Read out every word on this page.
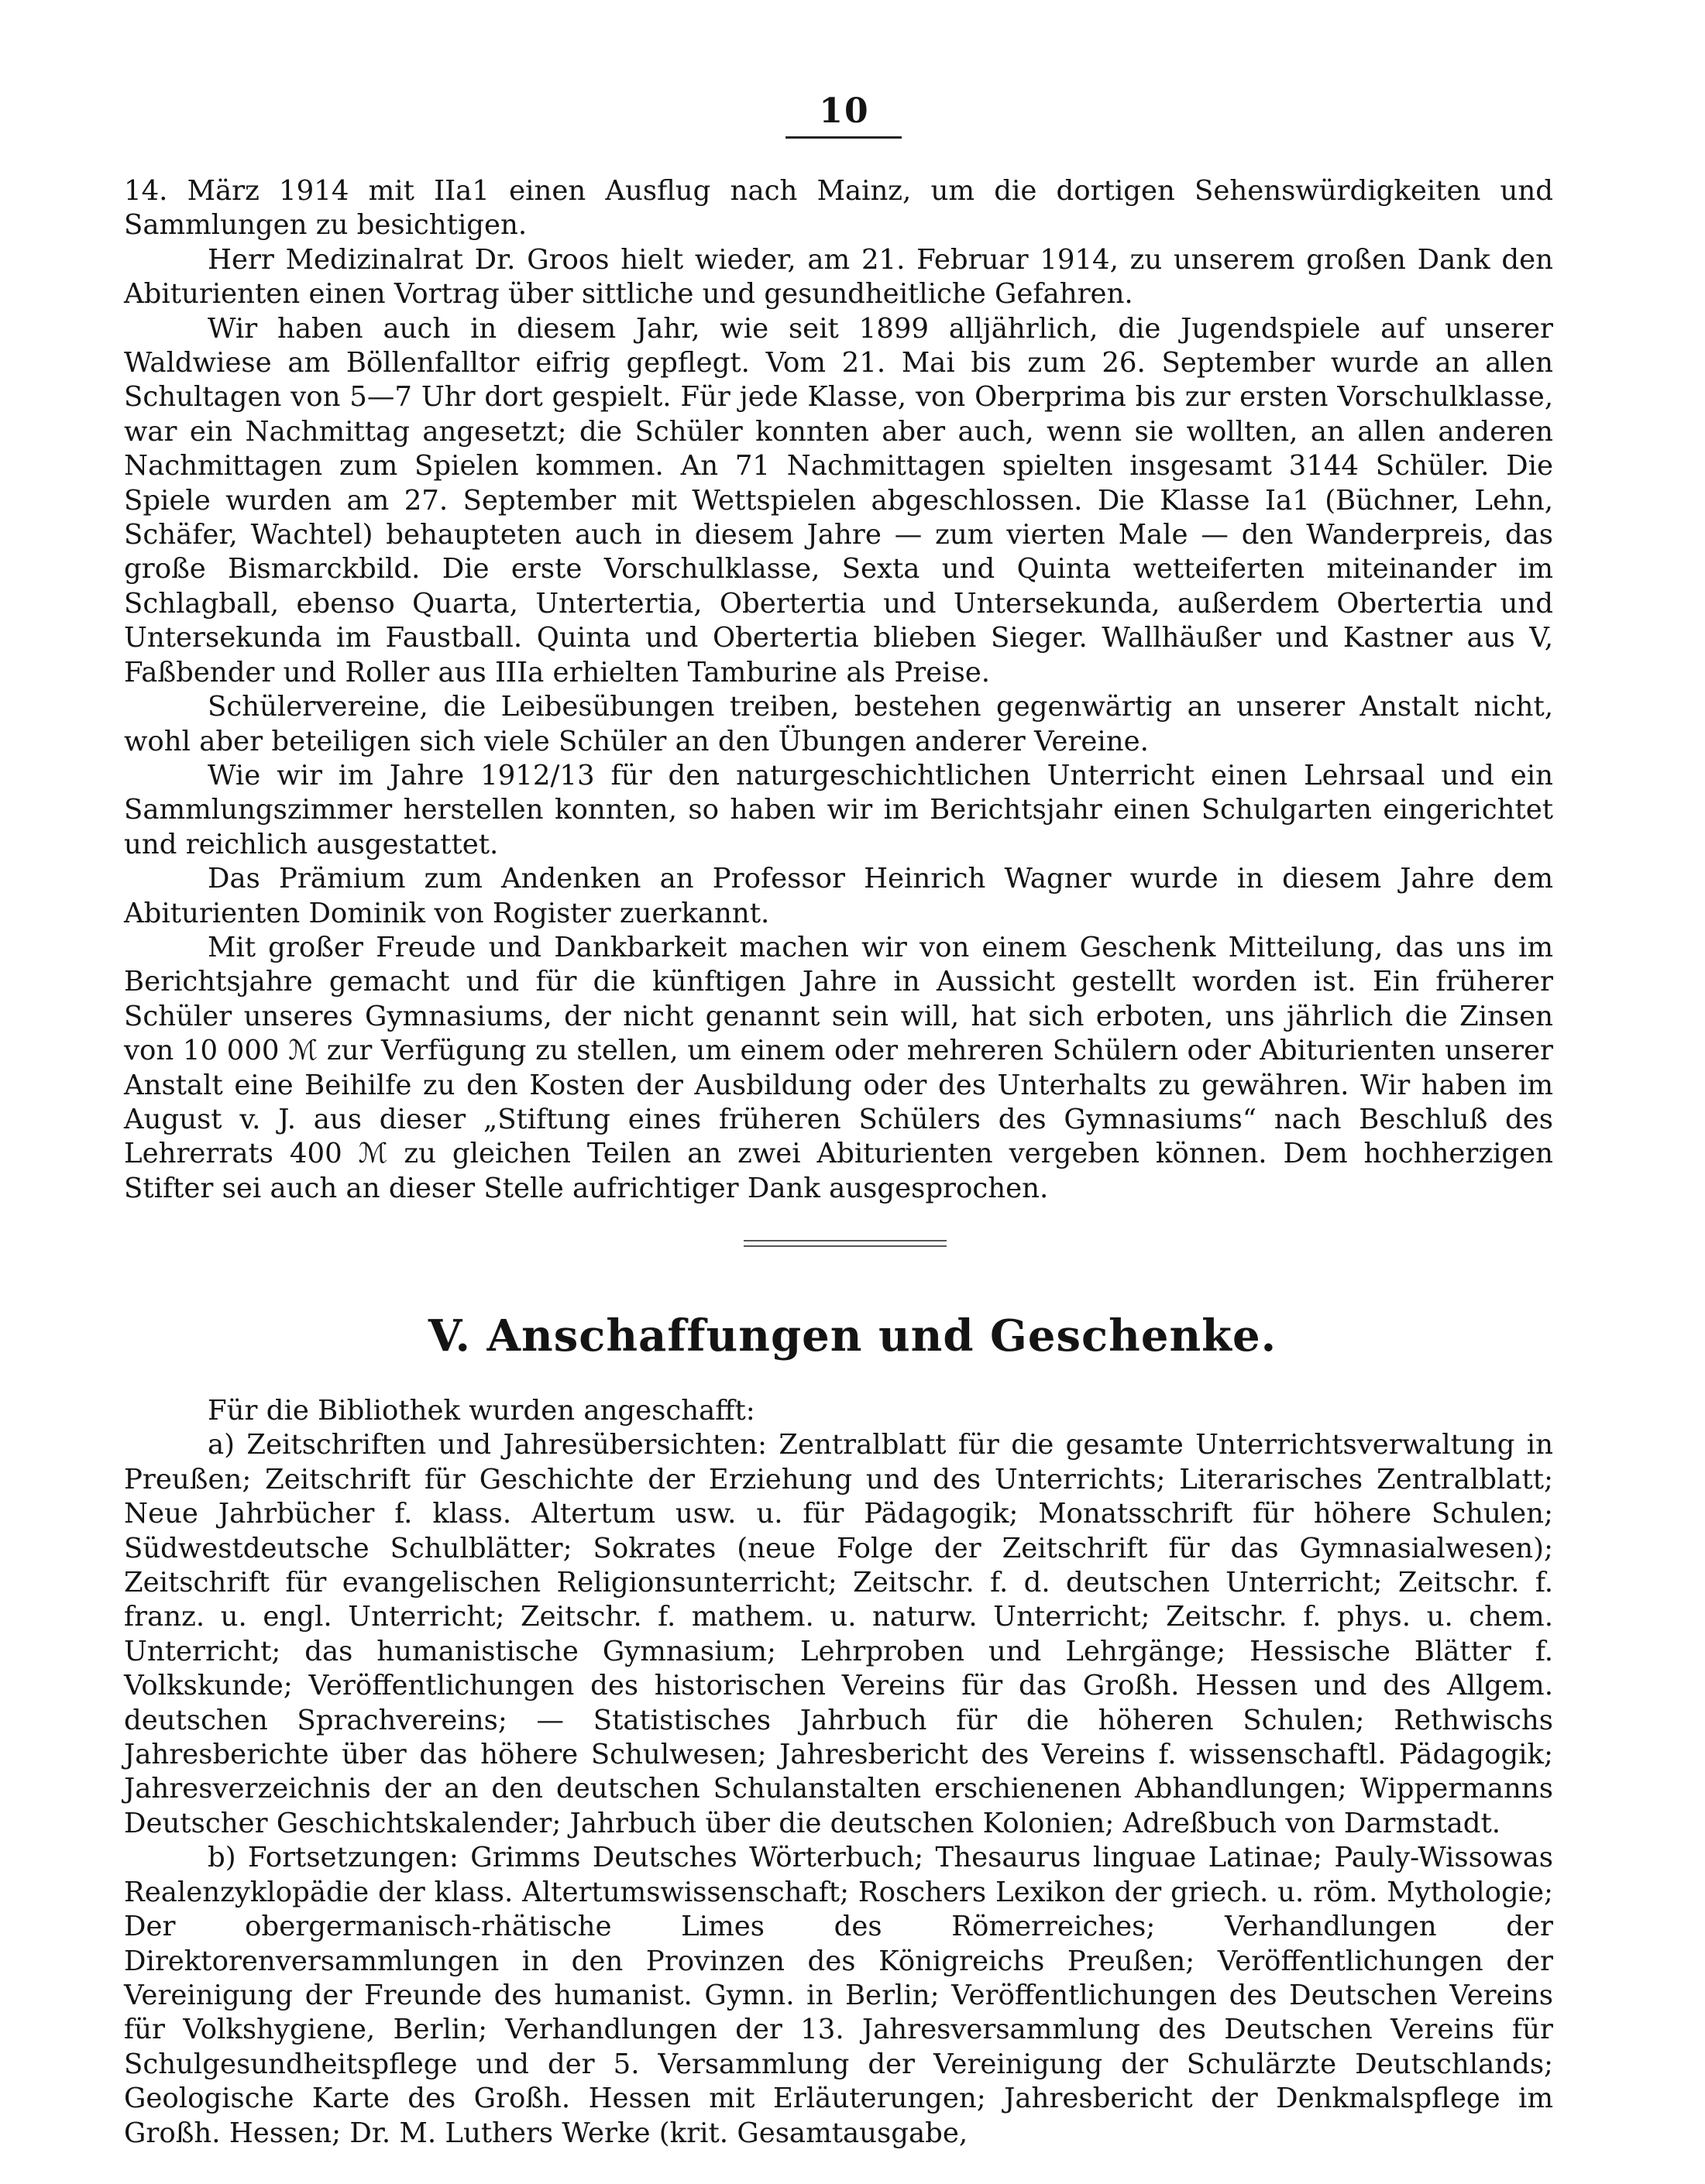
10

14. März 1914 mit IIa1 einen Ausflug nach Mainz, um die dortigen Sehenswürdigkeiten und Sammlungen zu besichtigen.

Herr Medizinalrat Dr. Groos hielt wieder, am 21. Februar 1914, zu unserem großen Dank den Abiturienten einen Vortrag über sittliche und gesundheitliche Gefahren.

Wir haben auch in diesem Jahr, wie seit 1899 alljährlich, die Jugendspiele auf unserer Waldwiese am Böllenfalltor eifrig gepflegt. Vom 21. Mai bis zum 26. September wurde an allen Schultagen von 5—7 Uhr dort gespielt. Für jede Klasse, von Oberprima bis zur ersten Vorschulklasse, war ein Nachmittag angesetzt; die Schüler konnten aber auch, wenn sie wollten, an allen anderen Nachmittagen zum Spielen kommen. An 71 Nachmittagen spielten insgesamt 3144 Schüler. Die Spiele wurden am 27. September mit Wettspielen abgeschlossen. Die Klasse Ia1 (Büchner, Lehn, Schäfer, Wachtel) behaupteten auch in diesem Jahre — zum vierten Male — den Wanderpreis, das große Bismarckbild. Die erste Vorschulklasse, Sexta und Quinta wetteiferten miteinander im Schlagball, ebenso Quarta, Untertertia, Obertertia und Untersekunda, außerdem Obertertia und Untersekunda im Faustball. Quinta und Obertertia blieben Sieger. Wallhäußer und Kastner aus V, Faßbender und Roller aus IIIa erhielten Tamburine als Preise.

Schülervereine, die Leibesübungen treiben, bestehen gegenwärtig an unserer Anstalt nicht, wohl aber beteiligen sich viele Schüler an den Übungen anderer Vereine.

Wie wir im Jahre 1912/13 für den naturgeschichtlichen Unterricht einen Lehrsaal und ein Sammlungszimmer herstellen konnten, so haben wir im Berichtsjahr einen Schulgarten eingerichtet und reichlich ausgestattet.

Das Prämium zum Andenken an Professor Heinrich Wagner wurde in diesem Jahre dem Abiturienten Dominik von Rogister zuerkannt.

Mit großer Freude und Dankbarkeit machen wir von einem Geschenk Mitteilung, das uns im Berichtsjahre gemacht und für die künftigen Jahre in Aussicht gestellt worden ist. Ein früherer Schüler unseres Gymnasiums, der nicht genannt sein will, hat sich erboten, uns jährlich die Zinsen von 10 000 ℳ zur Verfügung zu stellen, um einem oder mehreren Schülern oder Abiturienten unserer Anstalt eine Beihilfe zu den Kosten der Ausbildung oder des Unterhalts zu gewähren. Wir haben im August v. J. aus dieser „Stiftung eines früheren Schülers des Gymnasiums“ nach Beschluß des Lehrerrats 400 ℳ zu gleichen Teilen an zwei Abiturienten vergeben können. Dem hochherzigen Stifter sei auch an dieser Stelle aufrichtiger Dank ausgesprochen.

V. Anschaffungen und Geschenke.

Für die Bibliothek wurden angeschafft:

a) Zeitschriften und Jahresübersichten: Zentralblatt für die gesamte Unterrichtsverwaltung in Preußen; Zeitschrift für Geschichte der Erziehung und des Unterrichts; Literarisches Zentralblatt; Neue Jahrbücher f. klass. Altertum usw. u. für Pädagogik; Monatsschrift für höhere Schulen; Südwestdeutsche Schulblätter; Sokrates (neue Folge der Zeitschrift für das Gymnasialwesen); Zeitschrift für evangelischen Religionsunterricht; Zeitschr. f. d. deutschen Unterricht; Zeitschr. f. franz. u. engl. Unterricht; Zeitschr. f. mathem. u. naturw. Unterricht; Zeitschr. f. phys. u. chem. Unterricht; das humanistische Gymnasium; Lehrproben und Lehrgänge; Hessische Blätter f. Volkskunde; Veröffentlichungen des historischen Vereins für das Großh. Hessen und des Allgem. deutschen Sprachvereins; — Statistisches Jahrbuch für die höheren Schulen; Rethwischs Jahresberichte über das höhere Schulwesen; Jahresbericht des Vereins f. wissenschaftl. Pädagogik; Jahresverzeichnis der an den deutschen Schulanstalten erschienenen Abhandlungen; Wippermanns Deutscher Geschichtskalender; Jahrbuch über die deutschen Kolonien; Adreßbuch von Darmstadt.

b) Fortsetzungen: Grimms Deutsches Wörterbuch; Thesaurus linguae Latinae; Pauly-Wissowas Realenzyklopädie der klass. Altertumswissenschaft; Roschers Lexikon der griech. u. röm. Mythologie; Der obergermanisch-rhätische Limes des Römerreiches; Verhandlungen der Direktorenversammlungen in den Provinzen des Königreichs Preußen; Veröffentlichungen der Vereinigung der Freunde des humanist. Gymn. in Berlin; Veröffentlichungen des Deutschen Vereins für Volkshygiene, Berlin; Verhandlungen der 13. Jahresversammlung des Deutschen Vereins für Schulgesundheitspflege und der 5. Versammlung der Vereinigung der Schulärzte Deutschlands; Geologische Karte des Großh. Hessen mit Erläuterungen; Jahresbericht der Denkmalspflege im Großh. Hessen; Dr. M. Luthers Werke (krit. Gesamtausgabe,
